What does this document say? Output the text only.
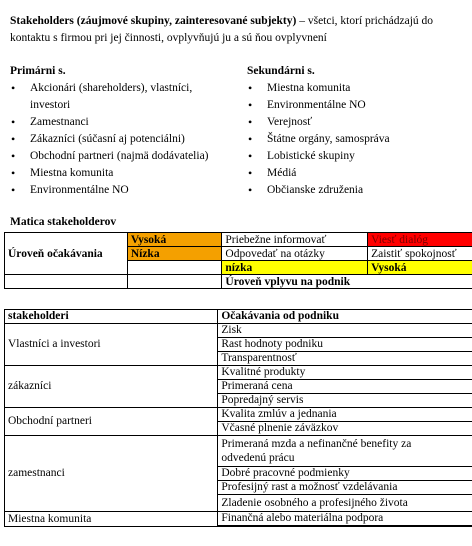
Stakeholders (záujmové skupiny, zainteresované subjekty) – všetci, ktorí prichádzajú do
kontaktu s firmou pri jej činnosti, ovplyvňujú ju a sú ňou ovplyvnení
Primárni s.
• Akcionári (shareholders), vlastníci,
investori
• Zamestnanci
• Zákazníci (súčasní aj potenciálni)
• Obchodní partneri (najmä dodávatelia)
• Miestna komunita
• Environmentálne NO
Sekundárni s.
• Miestna komunita
• Environmentálne NO
• Verejnosť
• Štátne orgány, samospráva
• Lobistické skupiny
• Médiá
• Občianske združenia
Matica stakeholderov
Úroveň očakávania	Vysoká	Priebežne informovať	Viesť dialóg
	Nízka	Odpovedať na otázky	Zaistiť spokojnosť
		nízka	Vysoká
		Úroveň vplyvu na podnik	
stakeholderi	Očakávania od podniku
Vlastníci a investori	Zisk
	Rast hodnoty podniku
	Transparentnosť
zákazníci	Kvalitné produkty
	Primeraná cena
	Popredajný servis
Obchodní partneri	Kvalita zmlúv a jednania
	Včasné plnenie záväzkov
zamestnanci	Primeraná mzda a nefinančné benefity za
odvedenú prácu

	Dobré pracovné podmienky
	Profesijný rast a možnosť vzdelávania
	Zladenie osobného a profesijného života
Miestna komunita	Finančná alebo materiálna podpora
